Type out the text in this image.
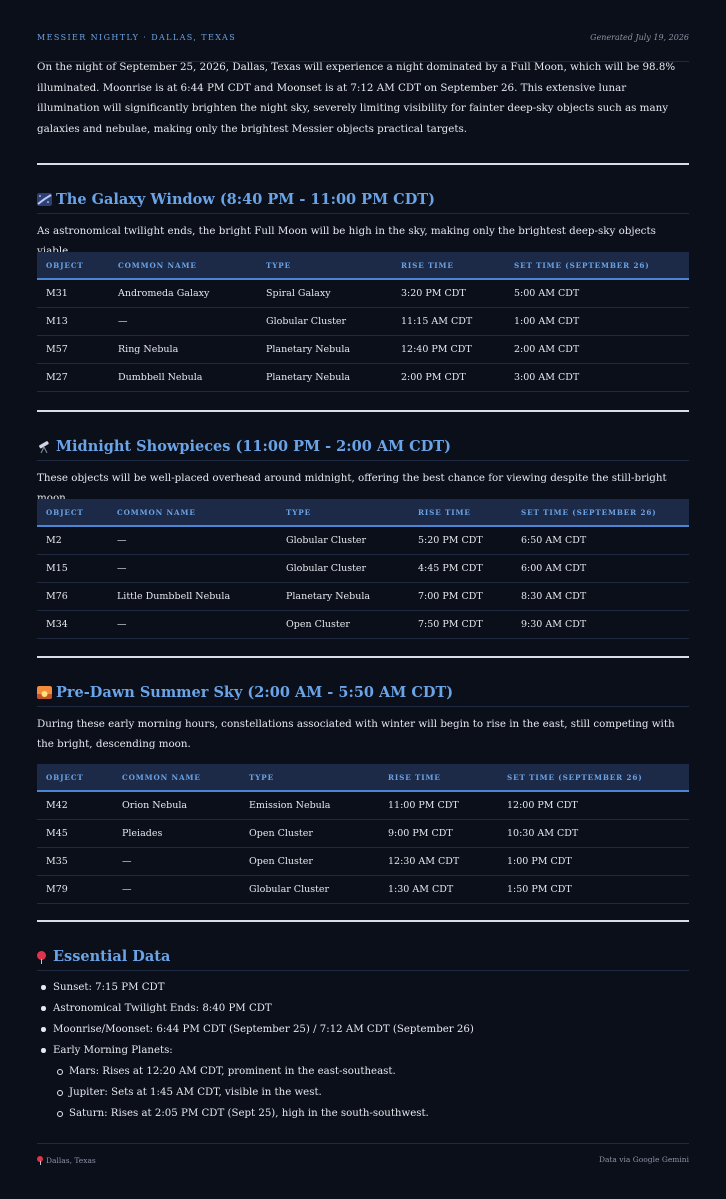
MESSIER NIGHTLY · DALLAS, TEXAS	Generated July 19, 2026

On the night of September 25, 2026, Dallas, Texas will experience a night dominated by a Full Moon, which will be 98.8% illuminated. Moonrise is at 6:44 PM CDT and Moonset is at 7:12 AM CDT on September 26. This extensive lunar illumination will significantly brighten the night sky, severely limiting visibility for fainter deep-sky objects such as many galaxies and nebulae, making only the brightest Messier objects practical targets.

The Galaxy Window (8:40 PM - 11:00 PM CDT)

As astronomical twilight ends, the bright Full Moon will be high in the sky, making only the brightest deep-sky objects viable.

OBJECT	COMMON NAME	TYPE	RISE TIME	SET TIME (SEPTEMBER 26)
M31	Andromeda Galaxy	Spiral Galaxy	3:20 PM CDT	5:00 AM CDT
M13	—	Globular Cluster	11:15 AM CDT	1:00 AM CDT
M57	Ring Nebula	Planetary Nebula	12:40 PM CDT	2:00 AM CDT
M27	Dumbbell Nebula	Planetary Nebula	2:00 PM CDT	3:00 AM CDT
Midnight Showpieces (11:00 PM - 2:00 AM CDT)

These objects will be well-placed overhead around midnight, offering the best chance for viewing despite the still-bright moon.

OBJECT	COMMON NAME	TYPE	RISE TIME	SET TIME (SEPTEMBER 26)
M2	—	Globular Cluster	5:20 PM CDT	6:50 AM CDT
M15	—	Globular Cluster	4:45 PM CDT	6:00 AM CDT
M76	Little Dumbbell Nebula	Planetary Nebula	7:00 PM CDT	8:30 AM CDT
M34	—	Open Cluster	7:50 PM CDT	9:30 AM CDT
Pre-Dawn Summer Sky (2:00 AM - 5:50 AM CDT)

During these early morning hours, constellations associated with winter will begin to rise in the east, still competing with the bright, descending moon.

OBJECT	COMMON NAME	TYPE	RISE TIME	SET TIME (SEPTEMBER 26)
M42	Orion Nebula	Emission Nebula	11:00 PM CDT	12:00 PM CDT
M45	Pleiades	Open Cluster	9:00 PM CDT	10:30 AM CDT
M35	—	Open Cluster	12:30 AM CDT	1:00 PM CDT
M79	—	Globular Cluster	1:30 AM CDT	1:50 PM CDT
Essential Data
Sunset: 7:15 PM CDT
Astronomical Twilight Ends: 8:40 PM CDT
Moonrise/Moonset: 6:44 PM CDT (September 25) / 7:12 AM CDT (September 26)
Early Morning Planets:
Mars: Rises at 12:20 AM CDT, prominent in the east-southeast.
Jupiter: Sets at 1:45 AM CDT, visible in the west.
Saturn: Rises at 2:05 PM CDT (Sept 25), high in the south-southwest.
Dallas, Texas	Data via Google Gemini
